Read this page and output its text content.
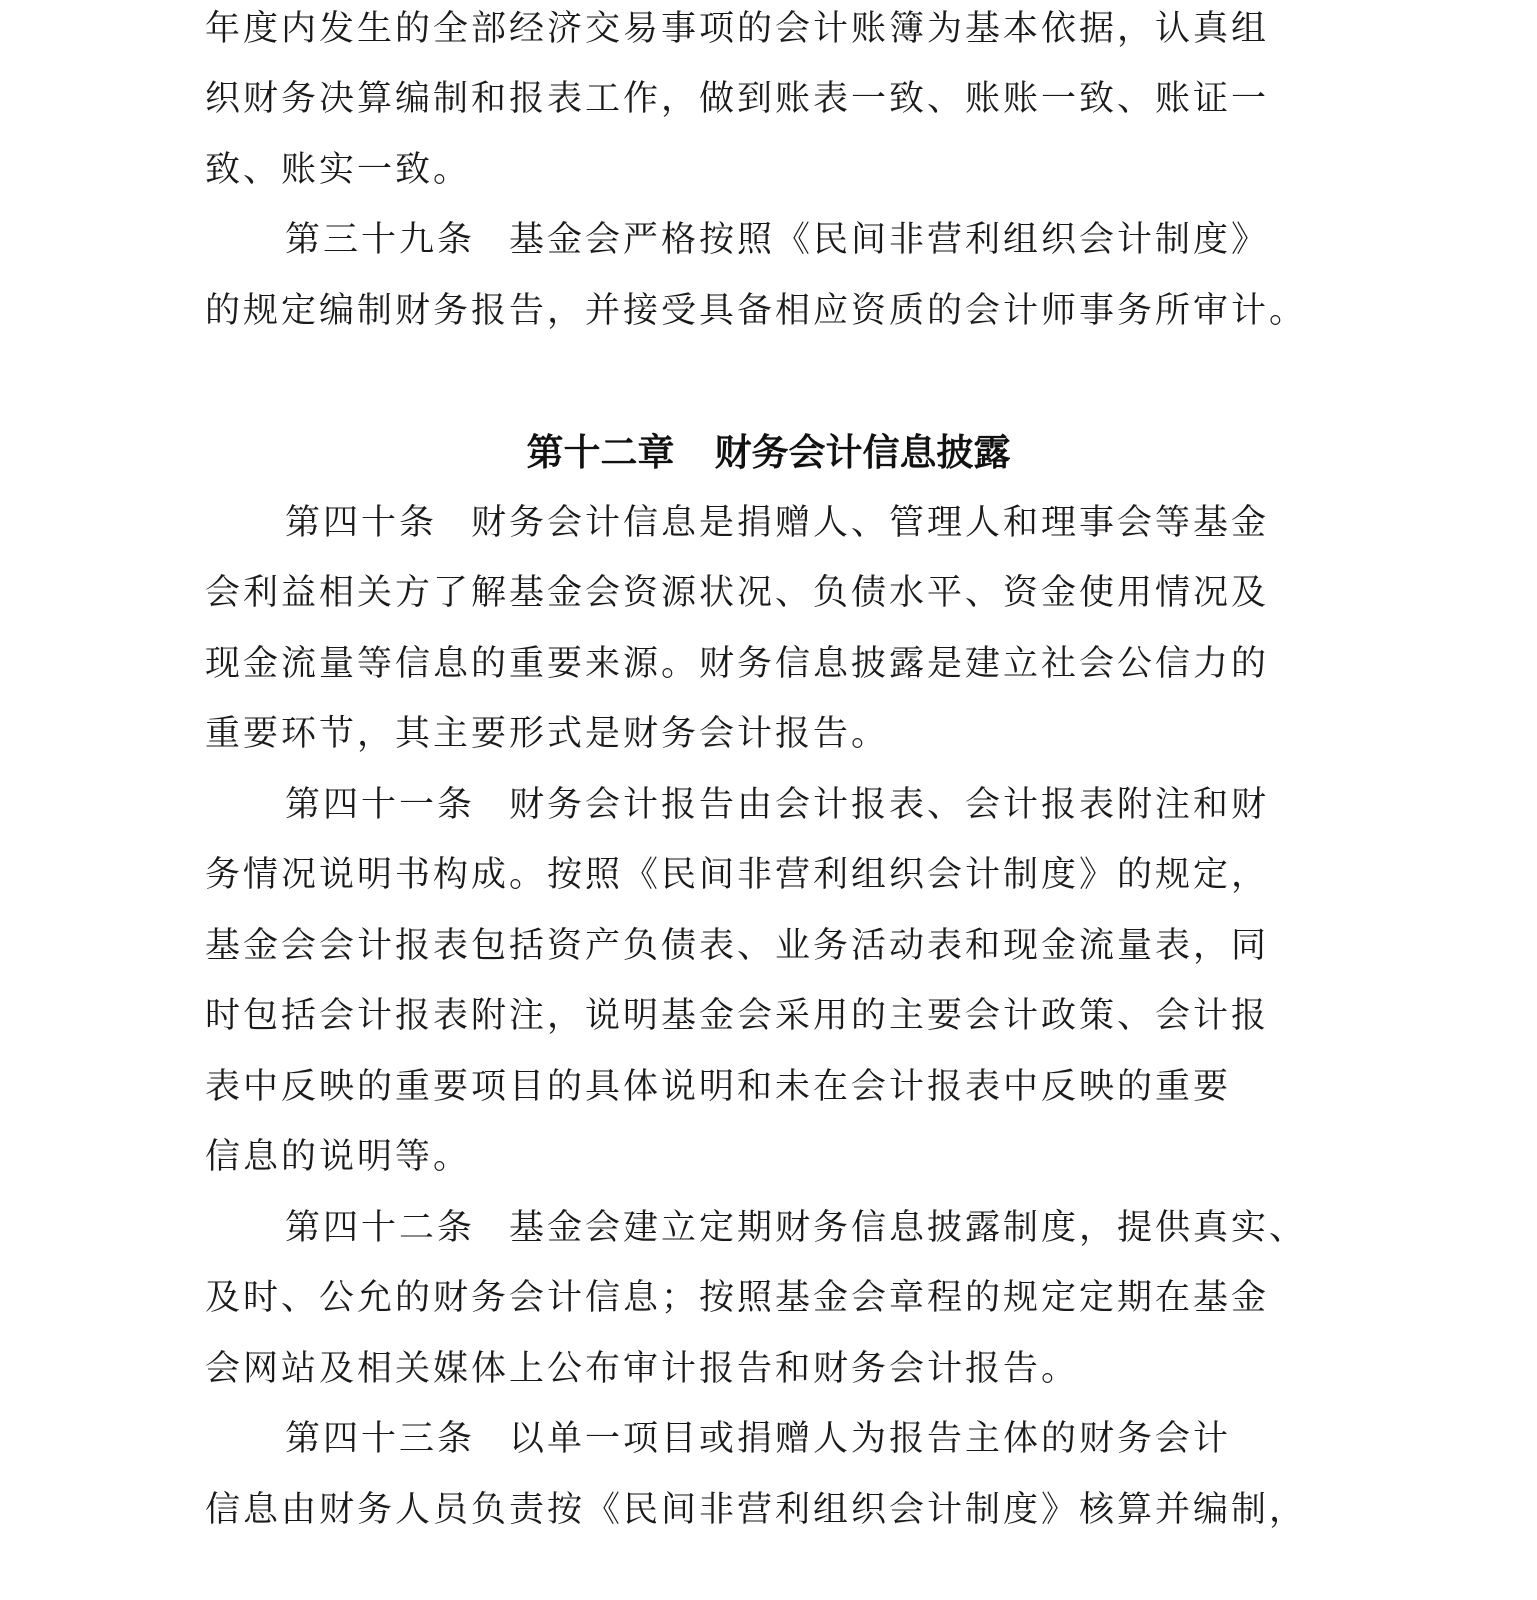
年度内发生的全部经济交易事项的会计账簿为基本依据，认真组

织财务决算编制和报表工作，做到账表一致、账账一致、账证一

致、账实一致。

第三十九条 基金会严格按照《民间非营利组织会计制度》

的规定编制财务报告，并接受具备相应资质的会计师事务所审计。

第十二章 财务会计信息披露

第四十条 财务会计信息是捐赠人、管理人和理事会等基金

会利益相关方了解基金会资源状况、负债水平、资金使用情况及

现金流量等信息的重要来源。财务信息披露是建立社会公信力的

重要环节，其主要形式是财务会计报告。

第四十一条 财务会计报告由会计报表、会计报表附注和财

务情况说明书构成。按照《民间非营利组织会计制度》的规定，

基金会会计报表包括资产负债表、业务活动表和现金流量表，同

时包括会计报表附注，说明基金会采用的主要会计政策、会计报

表中反映的重要项目的具体说明和未在会计报表中反映的重要

信息的说明等。

第四十二条 基金会建立定期财务信息披露制度，提供真实、

及时、公允的财务会计信息；按照基金会章程的规定定期在基金

会网站及相关媒体上公布审计报告和财务会计报告。

第四十三条 以单一项目或捐赠人为报告主体的财务会计

信息由财务人员负责按《民间非营利组织会计制度》核算并编制，
